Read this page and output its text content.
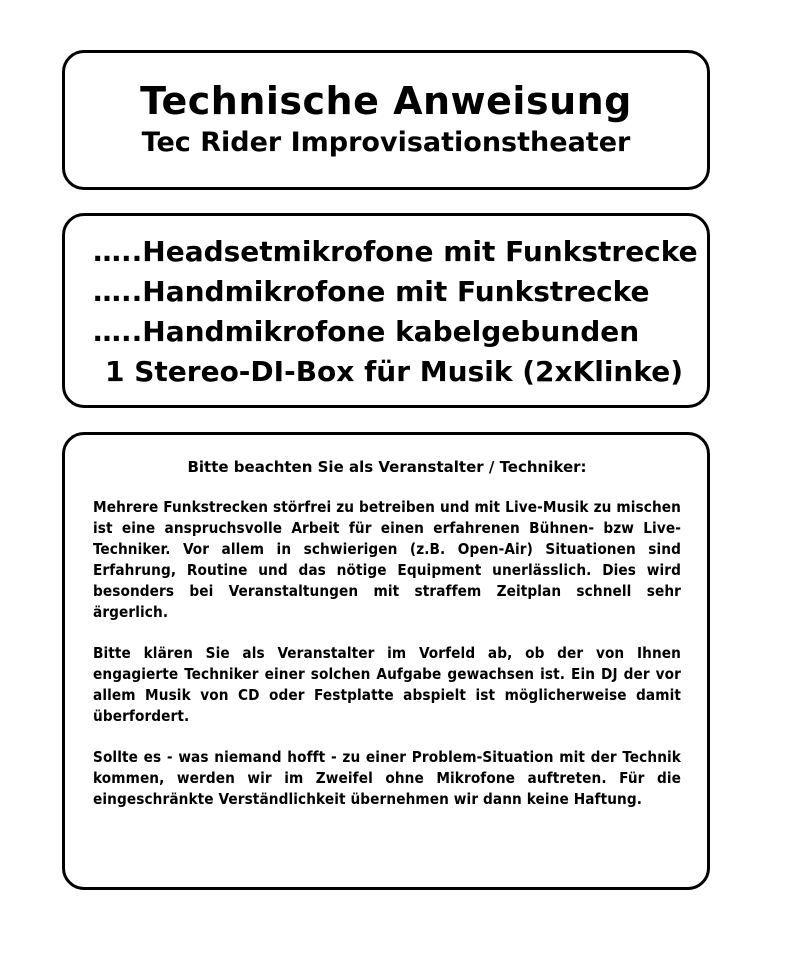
Technische Anweisung
Tec Rider Improvisationstheater
…..Headsetmikrofone mit Funkstrecke
…..Handmikrofone mit Funkstrecke
…..Handmikrofone kabelgebunden
1 Stereo-DI-Box für Musik (2xKlinke)
Bitte beachten Sie als Veranstalter / Techniker:

Mehrere Funkstrecken störfrei zu betreiben und mit Live-Musik zu mischen ist eine anspruchsvolle Arbeit für einen erfahrenen Bühnen- bzw Live-Techniker. Vor allem in schwierigen (z.B. Open-Air) Situationen sind Erfahrung, Routine und das nötige Equipment unerlässlich. Dies wird besonders bei Veranstaltungen mit straffem Zeitplan schnell sehr ärgerlich.

Bitte klären Sie als Veranstalter im Vorfeld ab, ob der von Ihnen engagierte Techniker einer solchen Aufgabe gewachsen ist. Ein DJ der vor allem Musik von CD oder Festplatte abspielt ist möglicherweise damit überfordert.

Sollte es - was niemand hofft - zu einer Problem-Situation mit der Technik kommen, werden wir im Zweifel ohne Mikrofone auftreten. Für die eingeschränkte Verständlichkeit übernehmen wir dann keine Haftung.
